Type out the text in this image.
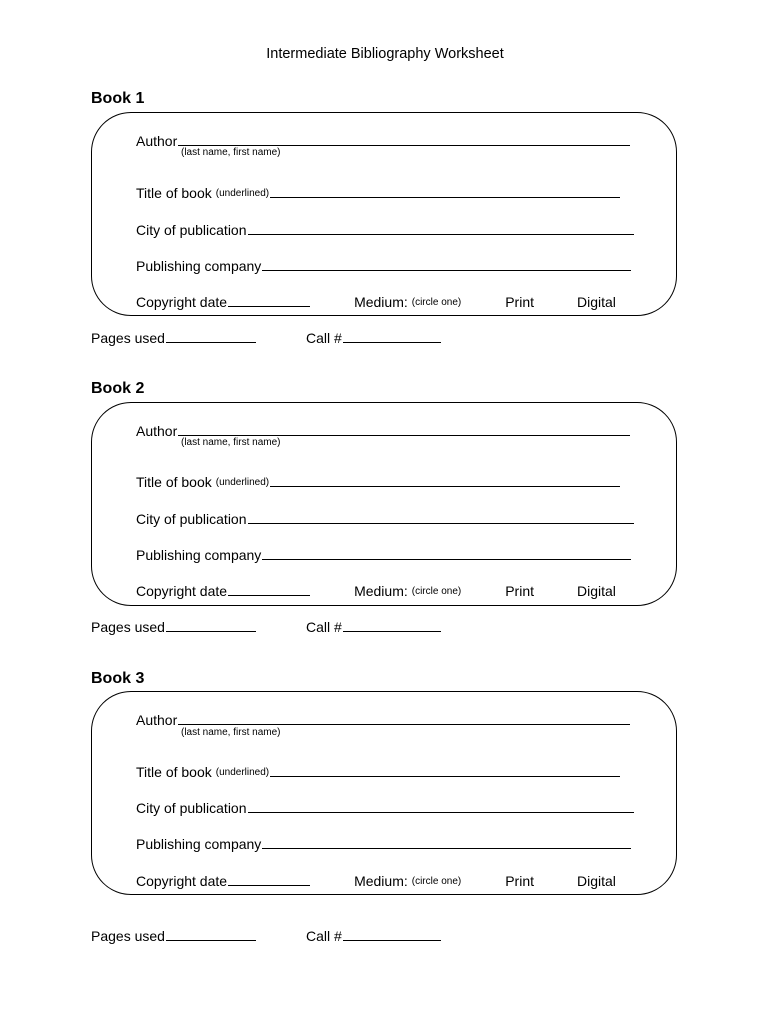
Intermediate Bibliography Worksheet
Book 1
Author
(last name, first name)
Title of book (underlined)
City of publication
Publishing company
Copyright date	Medium: (circle one)	Print	Digital
Pages used	Call #
Book 2
Author
(last name, first name)
Title of book (underlined)
City of publication
Publishing company
Copyright date	Medium: (circle one)	Print	Digital
Pages used	Call #
Book 3
Author
(last name, first name)
Title of book (underlined)
City of publication
Publishing company
Copyright date	Medium: (circle one)	Print	Digital
Pages used	Call #
